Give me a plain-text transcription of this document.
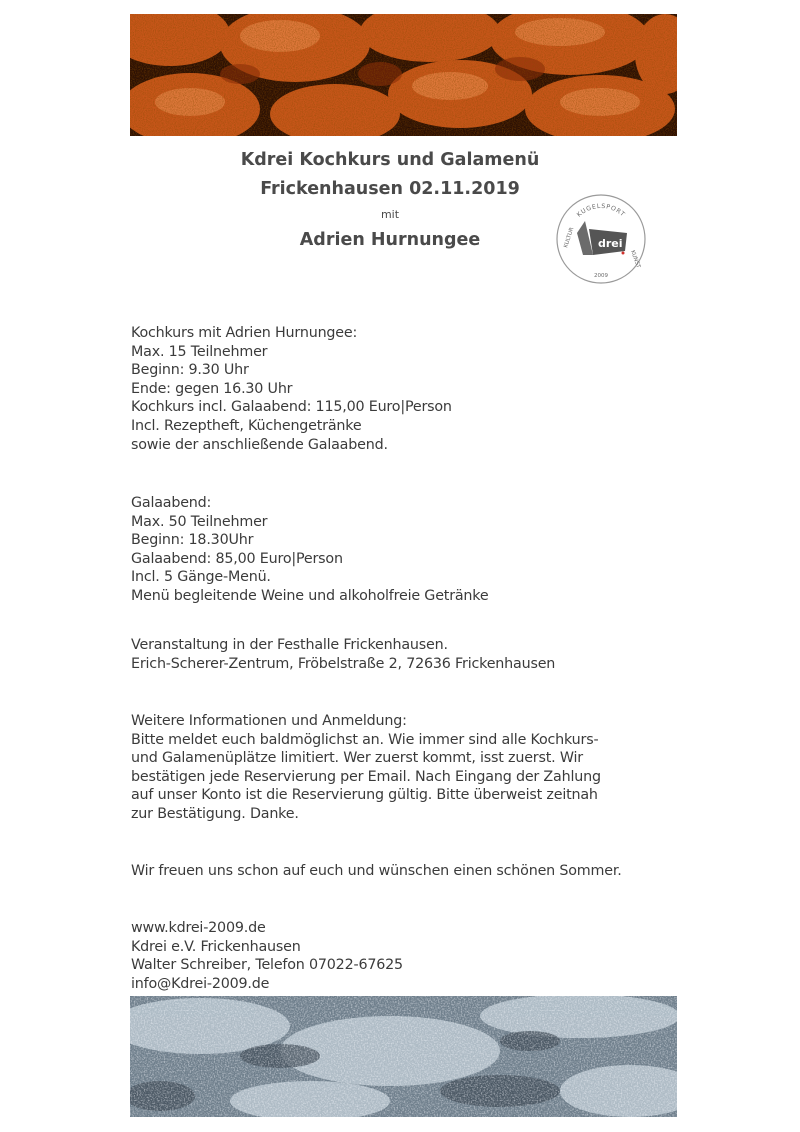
Kdrei Kochkurs und Galamenü
Frickenhausen 02.11.2019
mit
Adrien Hurnungee
KUGELSPORT
KULTUR
KUNST
2009
drei
Kochkurs mit Adrien Hurnungee:
Max. 15 Teilnehmer
Beginn: 9.30 Uhr
Ende: gegen 16.30 Uhr
Kochkurs incl. Galaabend: 115,00 Euro|Person
Incl. Rezeptheft, Küchengetränke
sowie der anschließende Galaabend.
Galaabend:
Max. 50 Teilnehmer
Beginn: 18.30Uhr
Galaabend: 85,00 Euro|Person
Incl. 5 Gänge-Menü.
Menü begleitende Weine und alkoholfreie Getränke
Veranstaltung in der Festhalle Frickenhausen.
Erich-Scherer-Zentrum, Fröbelstraße 2, 72636 Frickenhausen
Weitere Informationen und Anmeldung:
Bitte meldet euch baldmöglichst an. Wie immer sind alle Kochkurs-
und Galamenüplätze limitiert. Wer zuerst kommt, isst zuerst. Wir
bestätigen jede Reservierung per Email. Nach Eingang der Zahlung
auf unser Konto ist die Reservierung gültig. Bitte überweist zeitnah
zur Bestätigung. Danke.
Wir freuen uns schon auf euch und wünschen einen schönen Sommer.
www.kdrei-2009.de
Kdrei e.V. Frickenhausen
Walter Schreiber, Telefon 07022-67625
info@Kdrei-2009.de
